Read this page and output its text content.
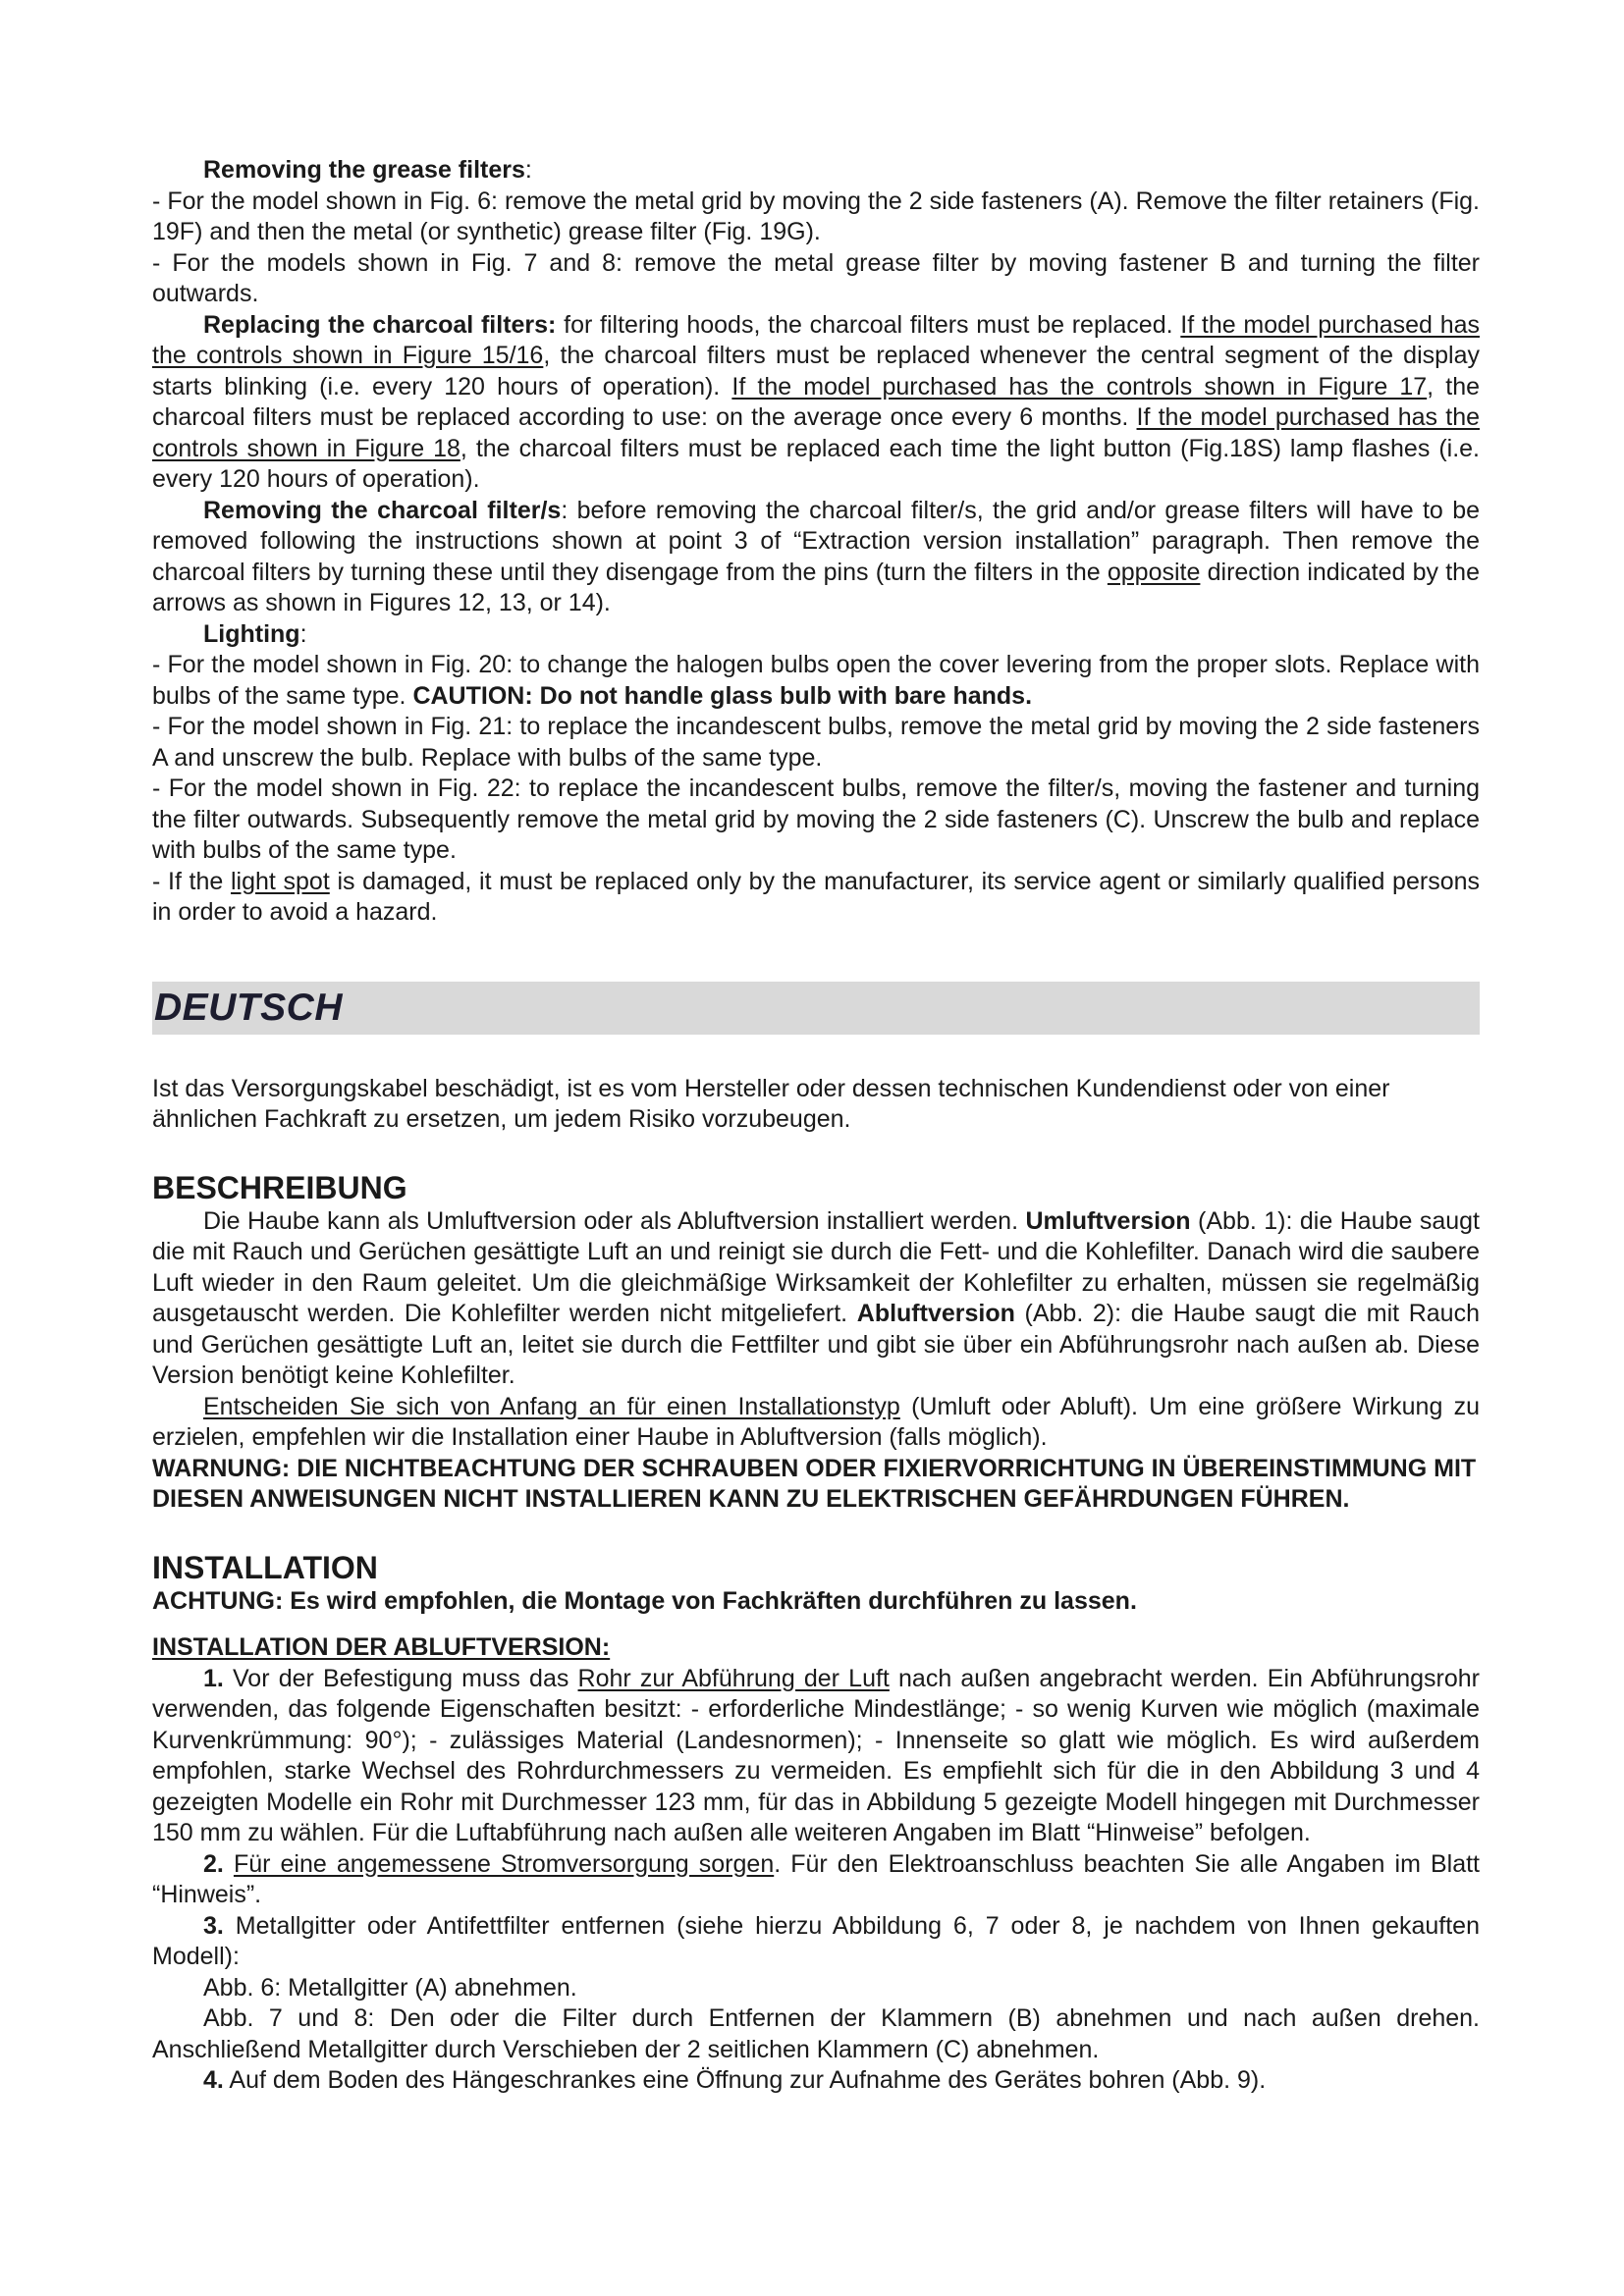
Removing the grease filters:

- For the model shown in Fig. 6: remove the metal grid by moving the 2 side fasteners (A). Remove the filter retainers (Fig. 19F) and then the metal (or synthetic) grease filter (Fig. 19G).

- For the models shown in Fig. 7 and 8: remove the metal grease filter by moving fastener B and turning the filter outwards.

Replacing the charcoal filters: for filtering hoods, the charcoal filters must be replaced. If the model purchased has the controls shown in Figure 15/16, the charcoal filters must be replaced whenever the central segment of the display starts blinking (i.e. every 120 hours of operation). If the model purchased has the controls shown in Figure 17, the charcoal filters must be replaced according to use: on the average once every 6 months. If the model purchased has the controls shown in Figure 18, the charcoal filters must be replaced each time the light button (Fig.18S) lamp flashes (i.e. every 120 hours of operation).

Removing the charcoal filter/s: before removing the charcoal filter/s, the grid and/or grease filters will have to be removed following the instructions shown at point 3 of “Extraction version installation” paragraph. Then remove the charcoal filters by turning these until they disengage from the pins (turn the filters in the opposite direction indicated by the arrows as shown in Figures 12, 13, or 14).

Lighting:

- For the model shown in Fig. 20: to change the halogen bulbs open the cover levering from the proper slots. Replace with bulbs of the same type. CAUTION: Do not handle glass bulb with bare hands.

- For the model shown in Fig. 21: to replace the incandescent bulbs, remove the metal grid by moving the 2 side fasteners A and unscrew the bulb. Replace with bulbs of the same type.

- For the model shown in Fig. 22: to replace the incandescent bulbs, remove the filter/s, moving the fastener and turning the filter outwards. Subsequently remove the metal grid by moving the 2 side fasteners (C). Unscrew the bulb and replace with bulbs of the same type.

- If the light spot is damaged, it must be replaced only by the manufacturer, its service agent or similarly qualified persons in order to avoid a hazard.

DEUTSCH

Ist das Versorgungskabel beschädigt, ist es vom Hersteller oder dessen technischen Kundendienst oder von einer ähnlichen Fachkraft zu ersetzen, um jedem Risiko vorzubeugen.

BESCHREIBUNG

Die Haube kann als Umluftversion oder als Abluftversion installiert werden. Umluftversion (Abb. 1): die Haube saugt die mit Rauch und Gerüchen gesättigte Luft an und reinigt sie durch die Fett- und die Kohlefilter. Danach wird die saubere Luft wieder in den Raum geleitet. Um die gleichmäßige Wirksamkeit der Kohlefilter zu erhalten, müssen sie regelmäßig ausgetauscht werden. Die Kohlefilter werden nicht mitgeliefert. Abluftversion (Abb. 2): die Haube saugt die mit Rauch und Gerüchen gesättigte Luft an, leitet sie durch die Fettfilter und gibt sie über ein Abführungsrohr nach außen ab. Diese Version benötigt keine Kohlefilter.

Entscheiden Sie sich von Anfang an für einen Installationstyp (Umluft oder Abluft). Um eine größere Wirkung zu erzielen, empfehlen wir die Installation einer Haube in Abluftversion (falls möglich).

WARNUNG: DIE NICHTBEACHTUNG DER SCHRAUBEN ODER FIXIERVORRICHTUNG IN ÜBEREINSTIMMUNG MIT DIESEN ANWEISUNGEN NICHT INSTALLIEREN KANN ZU ELEKTRISCHEN GEFÄHRDUNGEN FÜHREN.

INSTALLATION

ACHTUNG: Es wird empfohlen, die Montage von Fachkräften durchführen zu lassen.

INSTALLATION DER ABLUFTVERSION:

1. Vor der Befestigung muss das Rohr zur Abführung der Luft nach außen angebracht werden. Ein Abführungsrohr verwenden, das folgende Eigenschaften besitzt: - erforderliche Mindestlänge; - so wenig Kurven wie möglich (maximale Kurvenkrümmung: 90°); - zulässiges Material (Landesnormen); - Innenseite so glatt wie möglich. Es wird außerdem empfohlen, starke Wechsel des Rohrdurchmessers zu vermeiden. Es empfiehlt sich für die in den Abbildung 3 und 4 gezeigten Modelle ein Rohr mit Durchmesser 123 mm, für das in Abbildung 5 gezeigte Modell hingegen mit Durchmesser 150 mm zu wählen. Für die Luftabführung nach außen alle weiteren Angaben im Blatt “Hinweise” befolgen.

2. Für eine angemessene Stromversorgung sorgen. Für den Elektroanschluss beachten Sie alle Angaben im Blatt “Hinweis”.

3. Metallgitter oder Antifettfilter entfernen (siehe hierzu Abbildung 6, 7 oder 8, je nachdem von Ihnen gekauften Modell):

Abb. 6: Metallgitter (A) abnehmen.

Abb. 7 und 8: Den oder die Filter durch Entfernen der Klammern (B) abnehmen und nach außen drehen. Anschließend Metallgitter durch Verschieben der 2 seitlichen Klammern (C) abnehmen.

4. Auf dem Boden des Hängeschrankes eine Öffnung zur Aufnahme des Gerätes bohren (Abb. 9).
